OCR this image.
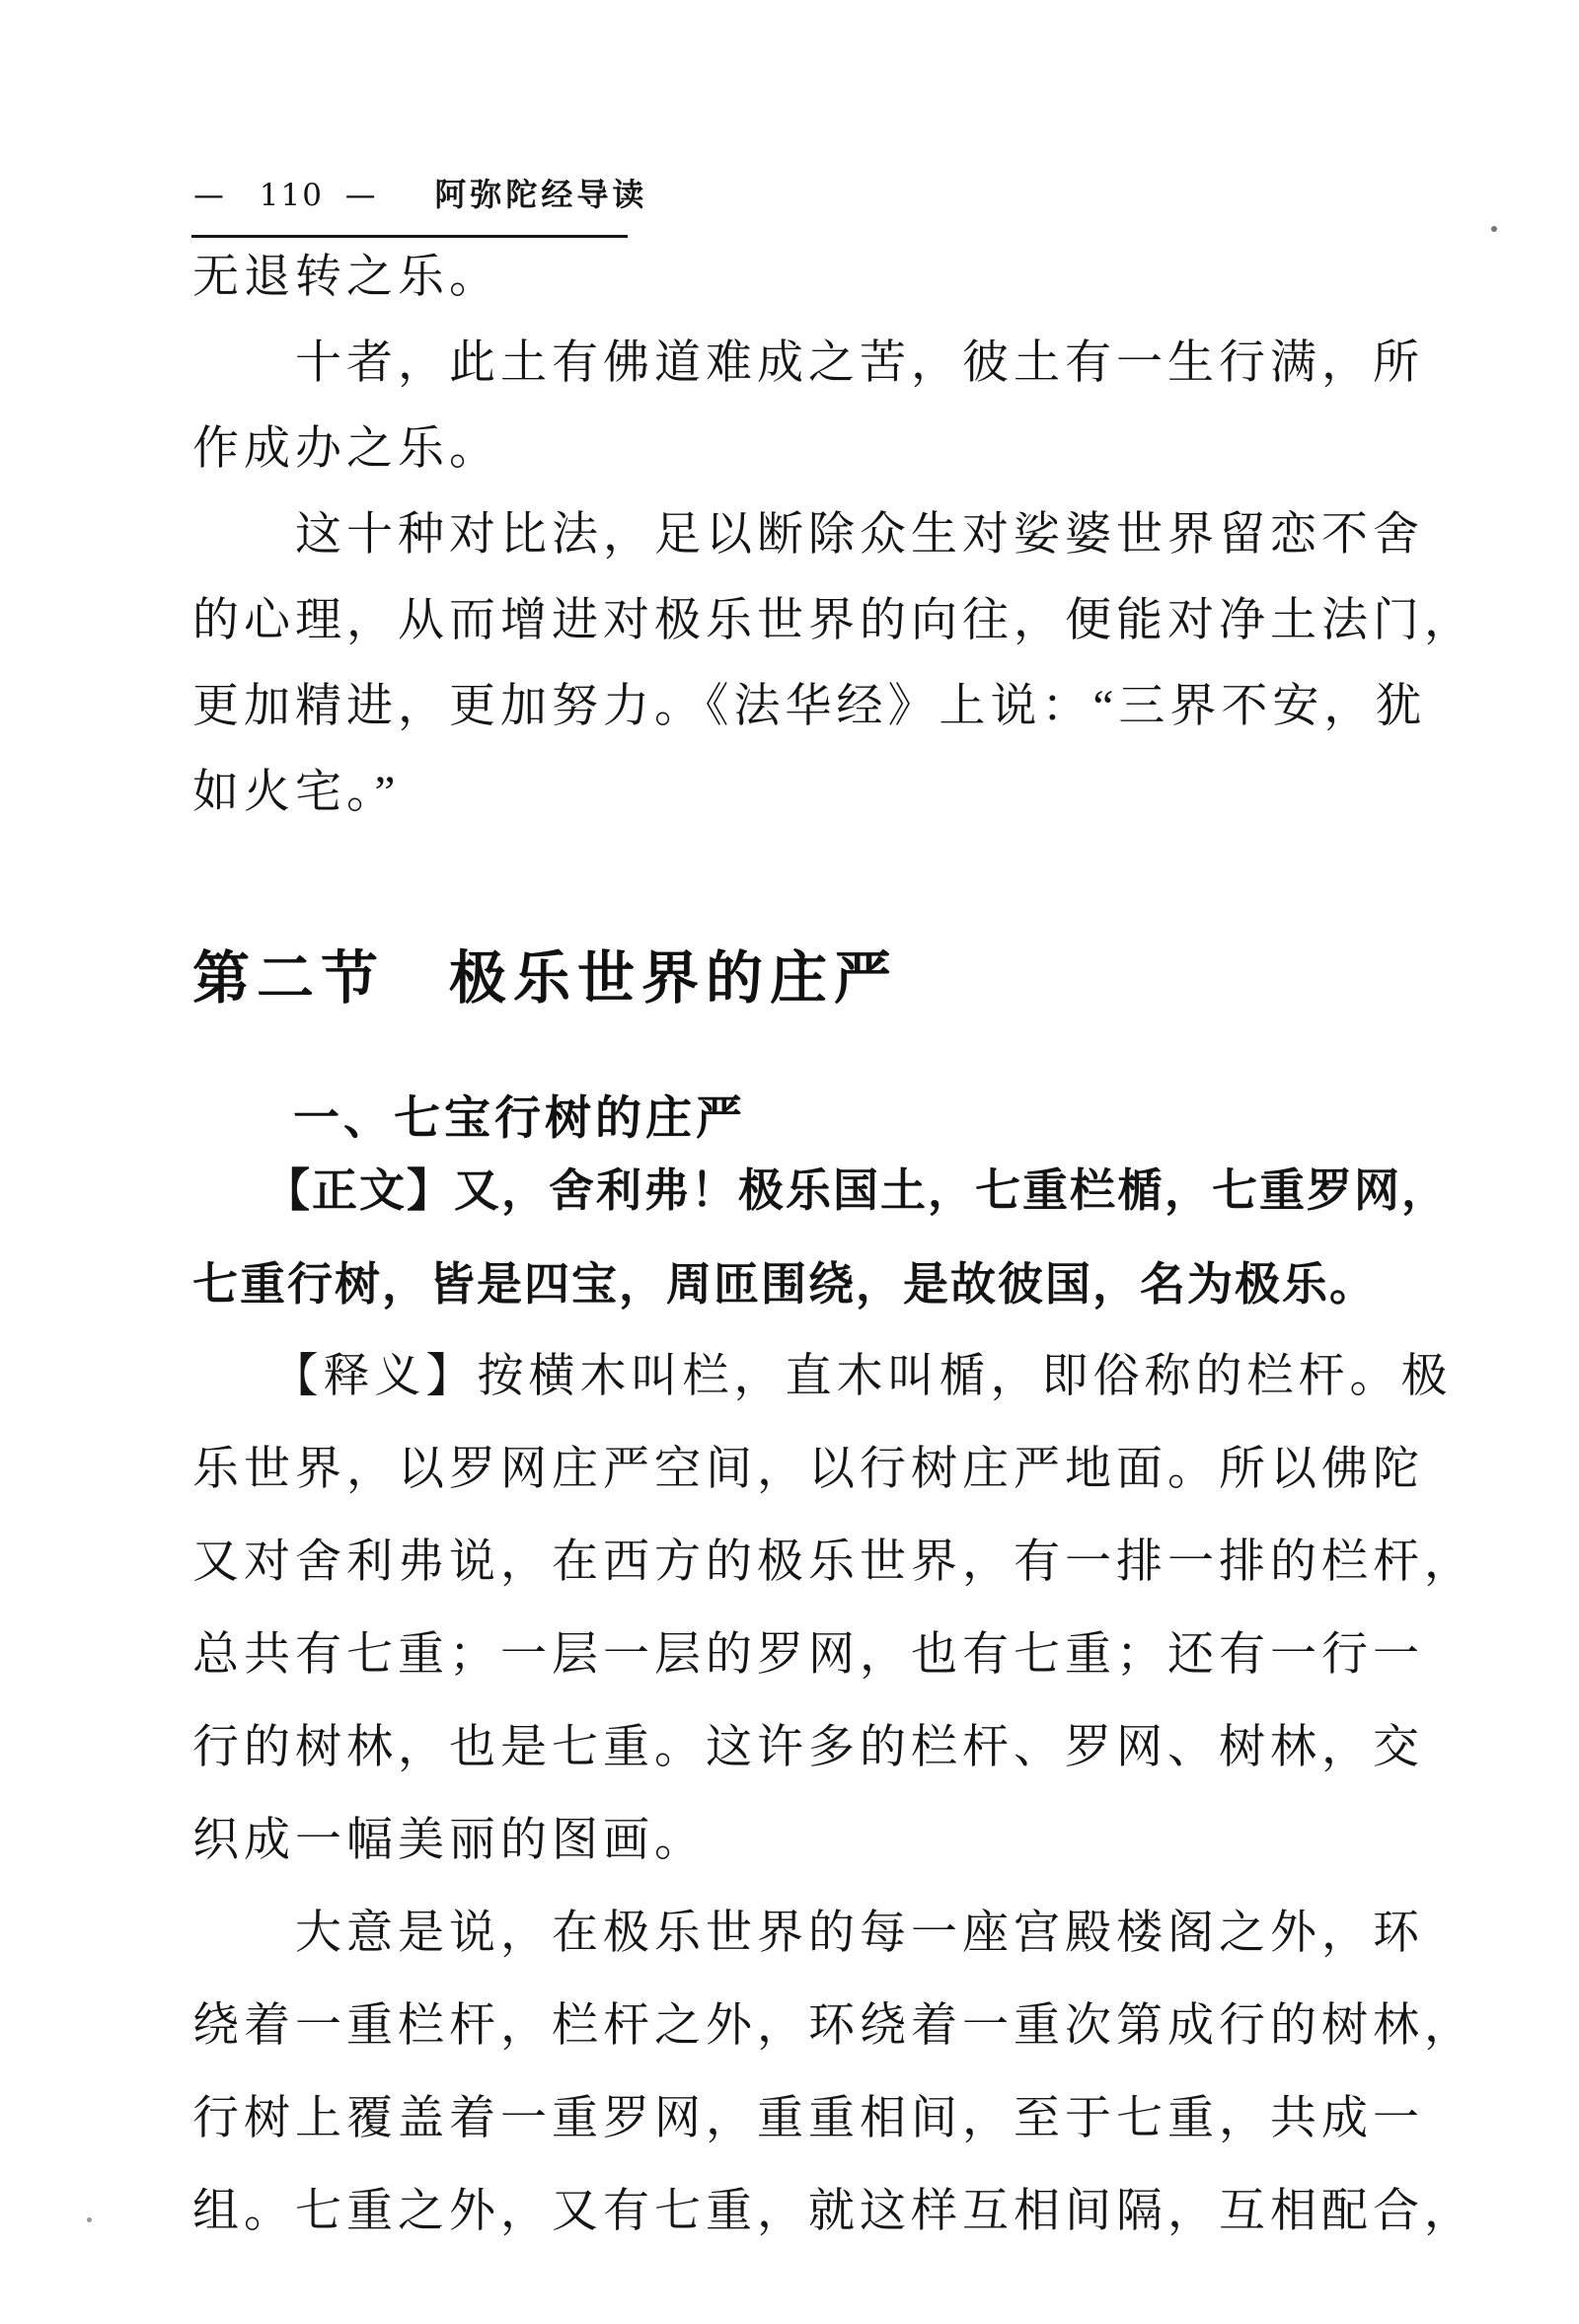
— 110 — 阿弥陀经导读
无退转之乐。
　　十者，此土有佛道难成之苦，彼土有一生行满，所
作成办之乐。
　　这十种对比法，足以断除众生对娑婆世界留恋不舍
的心理，从而增进对极乐世界的向往，便能对净土法门，
更加精进，更加努力。《法华经》上说：“三界不安，犹
如火宅。”
第二节　极乐世界的庄严
　　一、七宝行树的庄严
　　【正文】又，舍利弗！极乐国土，七重栏楯，七重罗网，
七重行树，皆是四宝，周匝围绕，是故彼国，名为极乐。
　　【释义】按横木叫栏，直木叫楯，即俗称的栏杆。极
乐世界，以罗网庄严空间，以行树庄严地面。所以佛陀
又对舍利弗说，在西方的极乐世界，有一排一排的栏杆，
总共有七重；一层一层的罗网，也有七重；还有一行一
行的树林，也是七重。这许多的栏杆、罗网、树林，交
织成一幅美丽的图画。
　　大意是说，在极乐世界的每一座宫殿楼阁之外，环
绕着一重栏杆，栏杆之外，环绕着一重次第成行的树林，
行树上覆盖着一重罗网，重重相间，至于七重，共成一
组。七重之外，又有七重，就这样互相间隔，互相配合，
